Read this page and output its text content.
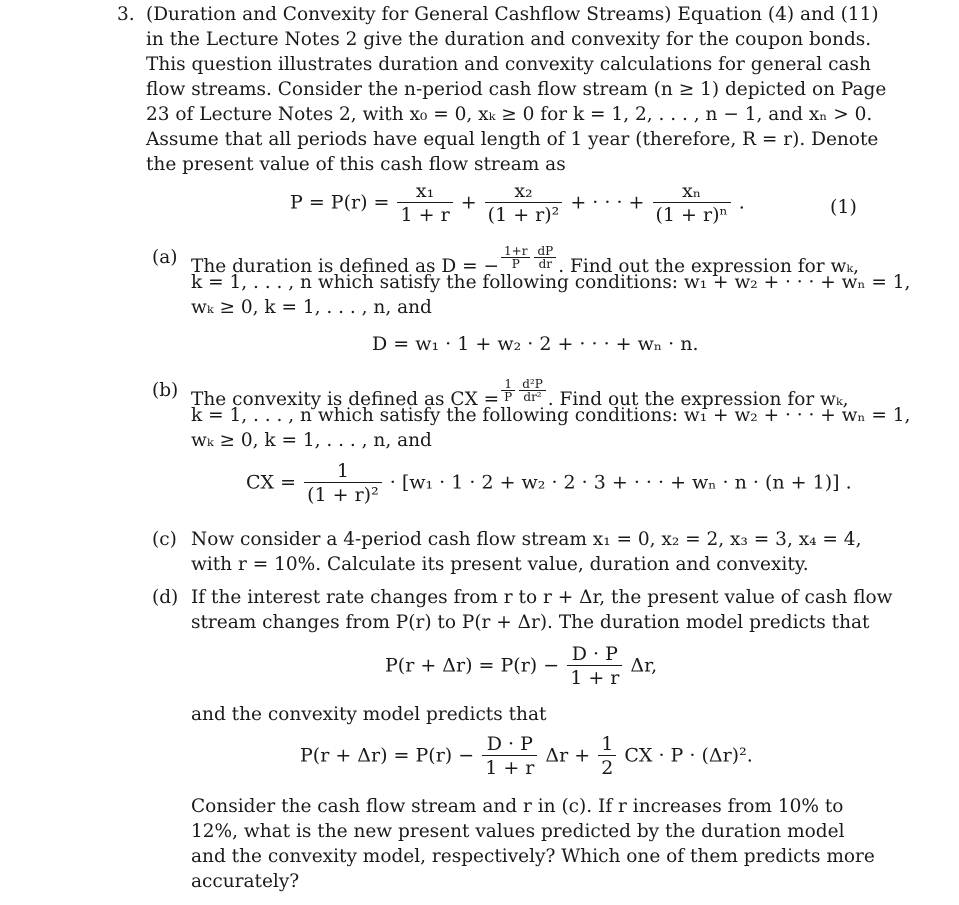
3. (Duration and Convexity for General Cashflow Streams) Equation (4) and (11)
in the Lecture Notes 2 give the duration and convexity for the coupon bonds.
This question illustrates duration and convexity calculations for general cash
flow streams. Consider the n-period cash flow stream (n ≥ 1) depicted on Page
23 of Lecture Notes 2, with x₀ = 0, xₖ ≥ 0 for k = 1, 2, . . . , n − 1, and xₙ > 0.
Assume that all periods have equal length of 1 year (therefore, R = r). Denote
the present value of this cash flow stream as
$P = P(r) = \frac{\text{x₁}}{1 + r} + \frac{\text{x₂}}{\text{(1 + r)²}}$ + · · · + $\frac{\text{xₙ}}{\text{(1 + r)ⁿ}}$ .	(1)
(a) The duration is defined as D = − $\frac{1+r}{P} \frac{dP}{dr}$ . Find out the expression for wₖ,
k = 1, . . . , n which satisfy the following conditions: w₁ + w₂ + · · · + wₙ = 1,
wₖ ≥ 0, k = 1, . . . , n, and
D = w₁ · 1 + w₂ · 2 + · · · + wₙ · n.
(b) The convexity is defined as CX = $\frac{1}{P} \frac{\text{d²P}}{\text{dr²}}$ . Find out the expression for wₖ,
k = 1, . . . , n which satisfy the following conditions: w₁ + w₂ + · · · + wₙ = 1,
wₖ ≥ 0, k = 1, . . . , n, and
CX = $\frac{1}{\text{(1 + r)²}} \cdot [w_1 \cdot 1 \cdot 2 + w_2 \cdot 2 \cdot 3$ + · · · + wₙ · n · (n + 1)] .
(c) Now consider a 4-period cash flow stream x₁ = 0, x₂ = 2, x₃ = 3, x₄ = 4,
with r = 10%. Calculate its present value, duration and convexity.
(d) If the interest rate changes from r to r + Δr, the present value of cash flow
stream changes from P(r) to P(r + Δr). The duration model predicts that
$P(r + \Delta r) = P(r) - \frac{D \cdot P}{1 + r} \Delta r$,
and the convexity model predicts that
$P(r + \Delta r) = P(r) - \frac{D \cdot P}{1 + r}$ $\Delta r + \frac{1}{2}$ CX · P · (Δr)².
Consider the cash flow stream and r in (c). If r increases from 10% to
12%, what is the new present values predicted by the duration model
and the convexity model, respectively? Which one of them predicts more
accurately?
